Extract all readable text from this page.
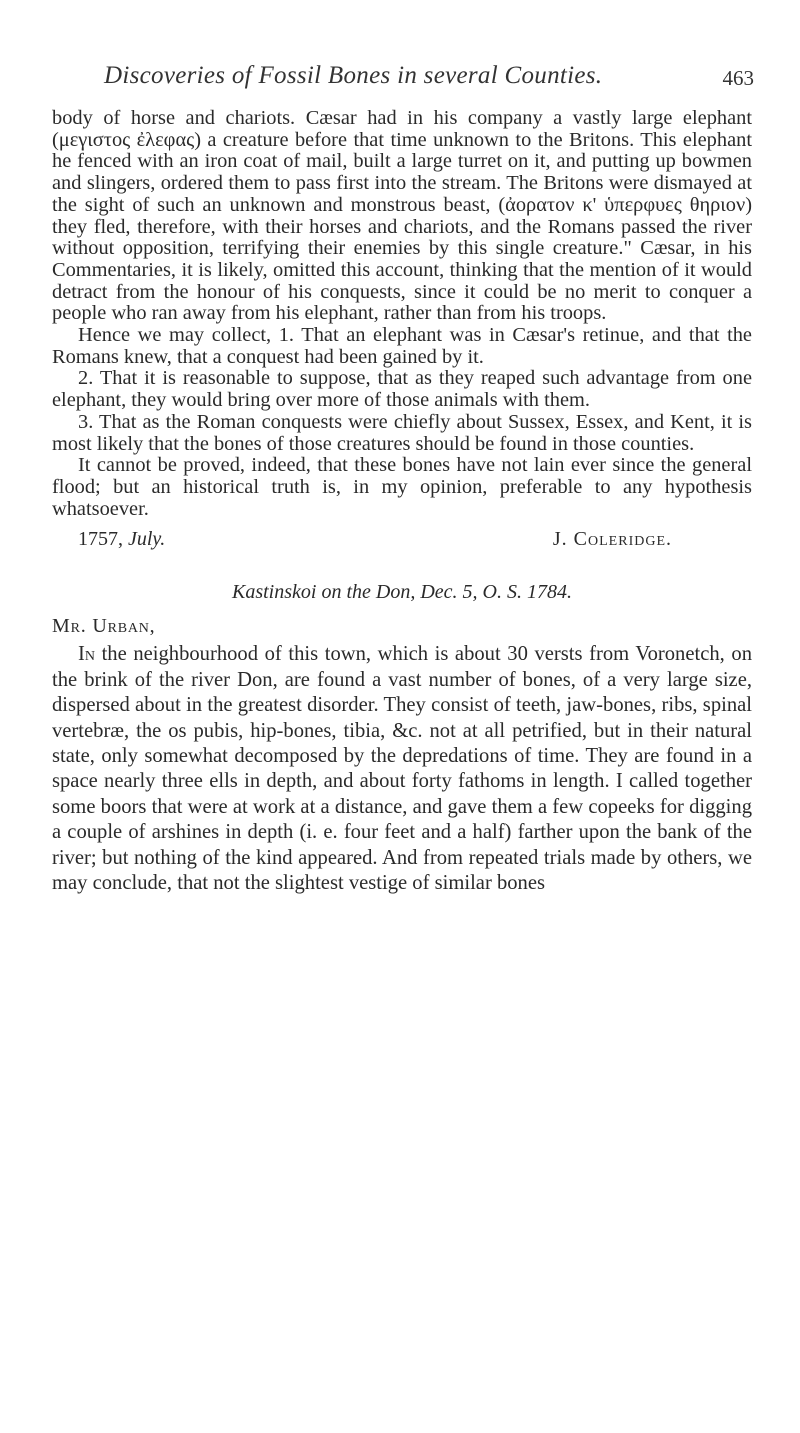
Discoveries of Fossil Bones in several Counties.	463

body of horse and chariots. Cæsar had in his company a vastly large elephant (μεγιστος ἐλεφας) a creature before that time unknown to the Britons. This elephant he fenced with an iron coat of mail, built a large turret on it, and putting up bowmen and slingers, ordered them to pass first into the stream. The Britons were dismayed at the sight of such an unknown and monstrous beast, (ἀορατον κ' ὑπερφυες θηριον) they fled, therefore, with their horses and chariots, and the Romans passed the river without opposition, terrifying their enemies by this single creature." Cæsar, in his Commentaries, it is likely, omitted this account, thinking that the mention of it would detract from the honour of his conquests, since it could be no merit to conquer a people who ran away from his elephant, rather than from his troops.

Hence we may collect, 1. That an elephant was in Cæsar's retinue, and that the Romans knew, that a conquest had been gained by it.

2. That it is reasonable to suppose, that as they reaped such advantage from one elephant, they would bring over more of those animals with them.

3. That as the Roman conquests were chiefly about Sussex, Essex, and Kent, it is most likely that the bones of those creatures should be found in those counties.

It cannot be proved, indeed, that these bones have not lain ever since the general flood; but an historical truth is, in my opinion, preferable to any hypothesis whatsoever.

1757, July.	J. Coleridge.
Kastinskoi on the Don, Dec. 5, O. S. 1784.
Mr. Urban,

In the neighbourhood of this town, which is about 30 versts from Voronetch, on the brink of the river Don, are found a vast number of bones, of a very large size, dispersed about in the greatest disorder. They consist of teeth, jaw-bones, ribs, spinal vertebræ, the os pubis, hip-bones, tibia, &c. not at all petrified, but in their natural state, only somewhat decomposed by the depredations of time. They are found in a space nearly three ells in depth, and about forty fathoms in length. I called together some boors that were at work at a distance, and gave them a few copeeks for digging a couple of arshines in depth (i. e. four feet and a half) farther upon the bank of the river; but nothing of the kind appeared. And from repeated trials made by others, we may conclude, that not the slightest vestige of similar bones
